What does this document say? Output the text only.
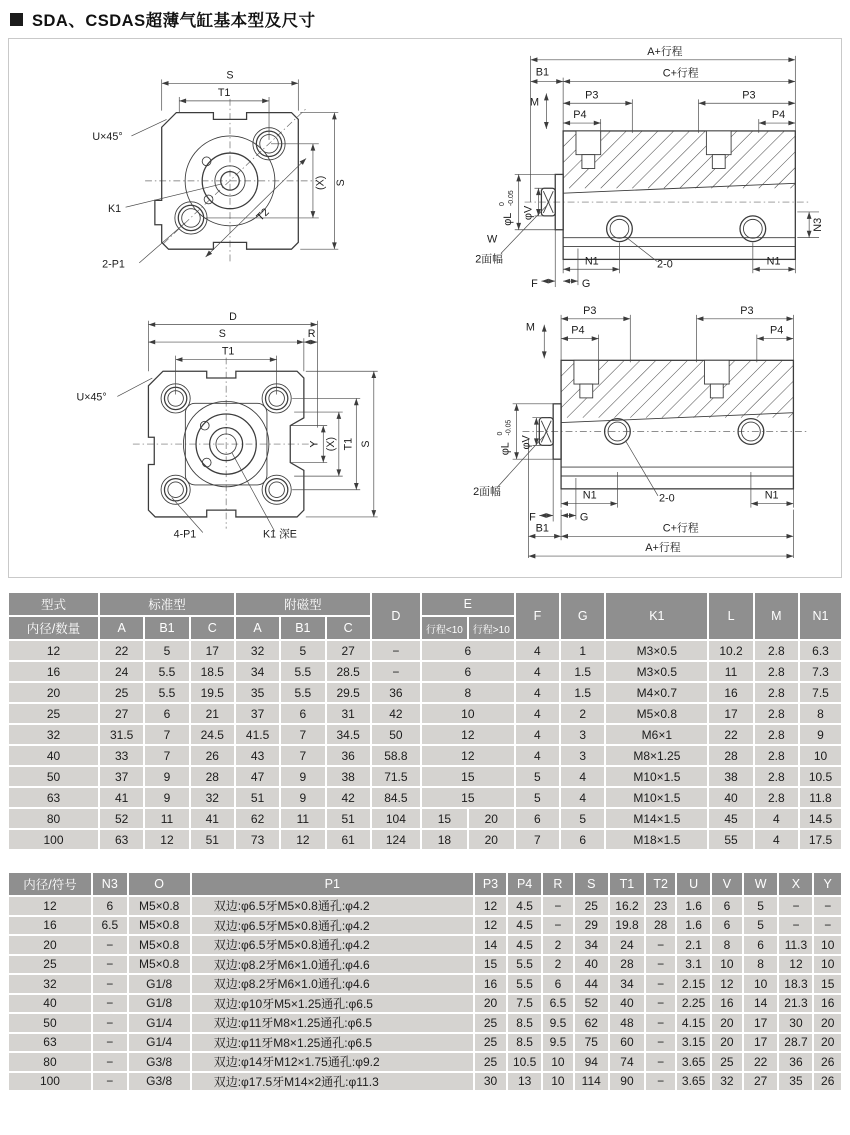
SDA、CSDAS超薄气缸基本型及尺寸
S
T1
(X) S
T2
U×45°
K1
2-P1
A+行程
B1	C+行程
M
P3	P3
P4	P4
φL
0 -0.05
φV
N3
W
2面幅	N1	N1
2-0
F	G
D
S	R
T1
U×45°
Y (X) T1 S
4-P1	K1 深E
P3	P3
P4	P4
M
φL
0 -0.05
φV
2面幅	N1	N1
2-0
F	G
B1	C+行程
A+行程
型式	标准型			附磁型			D	E		F	G	K1	L	M	N1
内径/数量	A	B1	C	A	B1	C		行程<10	行程>10						
12	22	5	17	32	5	27	−	6		4	1	M3×0.5	10.2	2.8	6.3
16	24	5.5	18.5	34	5.5	28.5	−	6		4	1.5	M3×0.5	11	2.8	7.3
20	25	5.5	19.5	35	5.5	29.5	36	8		4	1.5	M4×0.7	16	2.8	7.5
25	27	6	21	37	6	31	42	10		4	2	M5×0.8	17	2.8	8
32	31.5	7	24.5	41.5	7	34.5	50	12		4	3	M6×1	22	2.8	9
40	33	7	26	43	7	36	58.8	12		4	3	M8×1.25	28	2.8	10
50	37	9	28	47	9	38	71.5	15		5	4	M10×1.5	38	2.8	10.5
63	41	9	32	51	9	42	84.5	15		5	4	M10×1.5	40	2.8	11.8
80	52	11	41	62	11	51	104	15	20	6	5	M14×1.5	45	4	14.5
100	63	12	51	73	12	61	124	18	20	7	6	M18×1.5	55	4	17.5
内径/符号	N3	O	P1	P3	P4	R	S	T1	T2	U	V	W	X	Y
12	6	M5×0.8	双边:φ6.5牙M5×0.8通孔:φ4.2	12	4.5	−	25	16.2	23	1.6	6	5	−	−
16	6.5	M5×0.8	双边:φ6.5牙M5×0.8通孔:φ4.2	12	4.5	−	29	19.8	28	1.6	6	5	−	−
20	−	M5×0.8	双边:φ6.5牙M5×0.8通孔:φ4.2	14	4.5	2	34	24	−	2.1	8	6	11.3	10
25	−	M5×0.8	双边:φ8.2牙M6×1.0通孔:φ4.6	15	5.5	2	40	28	−	3.1	10	8	12	10
32	−	G1/8	双边:φ8.2牙M6×1.0通孔:φ4.6	16	5.5	6	44	34	−	2.15	12	10	18.3	15
40	−	G1/8	双边:φ10牙M5×1.25通孔:φ6.5	20	7.5	6.5	52	40	−	2.25	16	14	21.3	16
50	−	G1/4	双边:φ11牙M8×1.25通孔:φ6.5	25	8.5	9.5	62	48	−	4.15	20	17	30	20
63	−	G1/4	双边:φ11牙M8×1.25通孔:φ6.5	25	8.5	9.5	75	60	−	3.15	20	17	28.7	20
80	−	G3/8	双边:φ14牙M12×1.75通孔:φ9.2	25	10.5	10	94	74	−	3.65	25	22	36	26
100	−	G3/8	双边:φ17.5牙M14×2通孔:φ11.3	30	13	10	114	90	−	3.65	32	27	35	26
